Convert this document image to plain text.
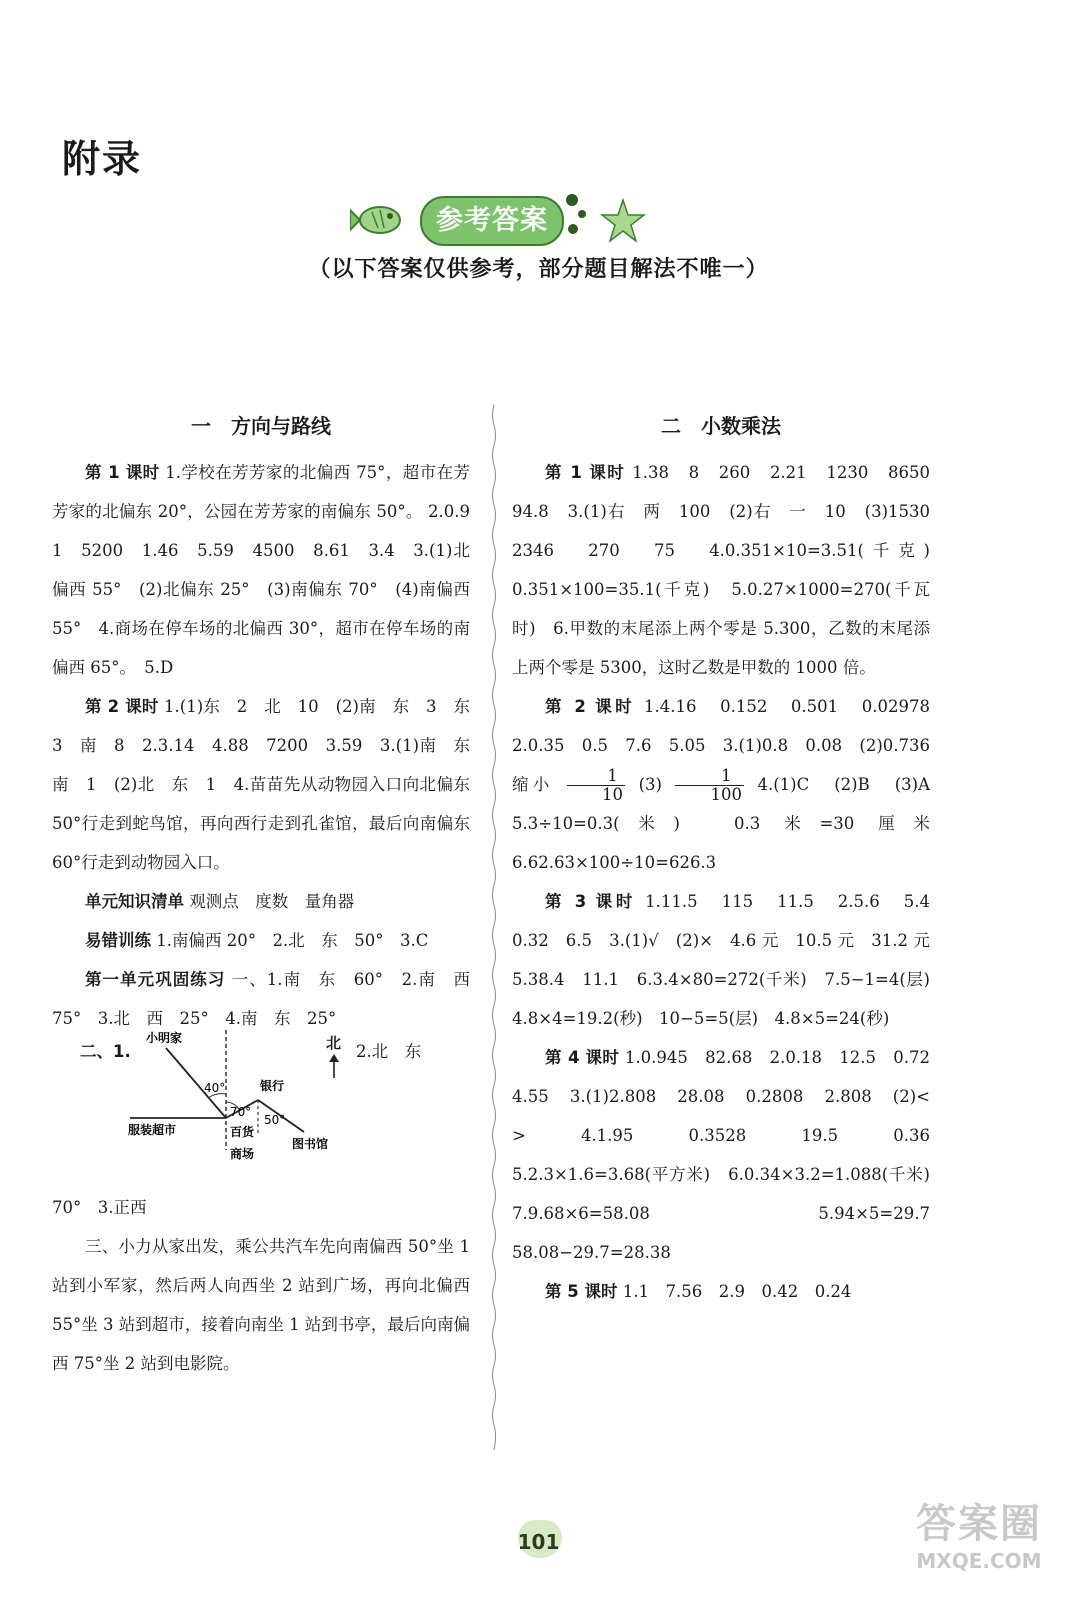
附录
参考答案
（以下答案仅供参考，部分题目解法不唯一）
一　方向与路线

第 1 课时 1.学校在芳芳家的北偏西 75°，超市在芳芳家的北偏东 20°，公园在芳芳家的南偏东 50°。 2.0.9　1　5200　1.46　5.59　4500　8.61　3.4　3.(1)北偏西 55°　(2)北偏东 25°　(3)南偏东 70°　(4)南偏西 55°　4.商场在停车场的北偏西 30°，超市在停车场的南偏西 65°。　5.D

第 2 课时 1.(1)东　2　北　10　(2)南　东　3　东　3　南　8　2.3.14　4.88　7200　3.59　3.(1)南　东　南　1　(2)北　东　1　4.苗苗先从动物园入口向北偏东 50°行走到蛇鸟馆，再向西行走到孔雀馆，最后向南偏东 60°行走到动物园入口。

单元知识清单 观测点　度数　量角器

易错训练 1.南偏西 20°　2.北　东　50°　3.C

第一单元巩固练习 一、1.南　东　60°　2.南　西　75°　3.北　西　25°　4.南　东　25°

二、1.
小明家
40°	银行
70°
50°
服装超市	百货
商场
图书馆
北 2.北　东

70°　3.正西

三、小力从家出发，乘公共汽车先向南偏西 50°坐 1 站到小军家，然后两人向西坐 2 站到广场，再向北偏西 55°坐 3 站到超市，接着向南坐 1 站到书亭，最后向南偏西 75°坐 2 站到电影院。

二　小数乘法

第 1 课时 1.38　8　260　2.21　1230　8650　94.8　3.(1)右　两　100　(2)右　一　10　(3)1530　2346　270　75　4.0.351×10=3.51(千克)　0.351×100=35.1(千克)　5.0.27×1000=270(千瓦时)　6.甲数的末尾添上两个零是 5.300，乙数的末尾添上两个零是 5300，这时乙数是甲数的 1000 倍。

第 2 课时 1.4.16　0.152　0.501　0.02978　2.0.35　0.5　7.6　5.05　3.(1)0.8　0.08　(2)0.736　缩小 $\frac{1}{10} (3) \frac{1}{100} 4.(1)C$　(2)B　(3)A　5.3÷10=0.3(米)　0.3 米=30 厘米　6.62.63×100÷10=626.3

第 3 课时 1.11.5　115　11.5　2.5.6　5.4　0.32　6.5　3.(1)√　(2)×　4.6 元　10.5 元　31.2 元　5.38.4　11.1　6.3.4×80=272(千米)　7.5−1=4(层)　4.8×4=19.2(秒)　10−5=5(层)　4.8×5=24(秒)

第 4 课时 1.0.945　82.68　2.0.18　12.5　0.72　4.55　3.(1)2.808　28.08　0.2808　2.808　(2)<　>　4.1.95　0.3528　19.5　0.36　5.2.3×1.6=3.68(平方米)　6.0.34×3.2=1.088(千米)　7.9.68×6=58.08　5.94×5=29.7　58.08−29.7=28.38

第 5 课时 1.1　7.56　2.9　0.42　0.24

101	答案圈
MXQE.COM
